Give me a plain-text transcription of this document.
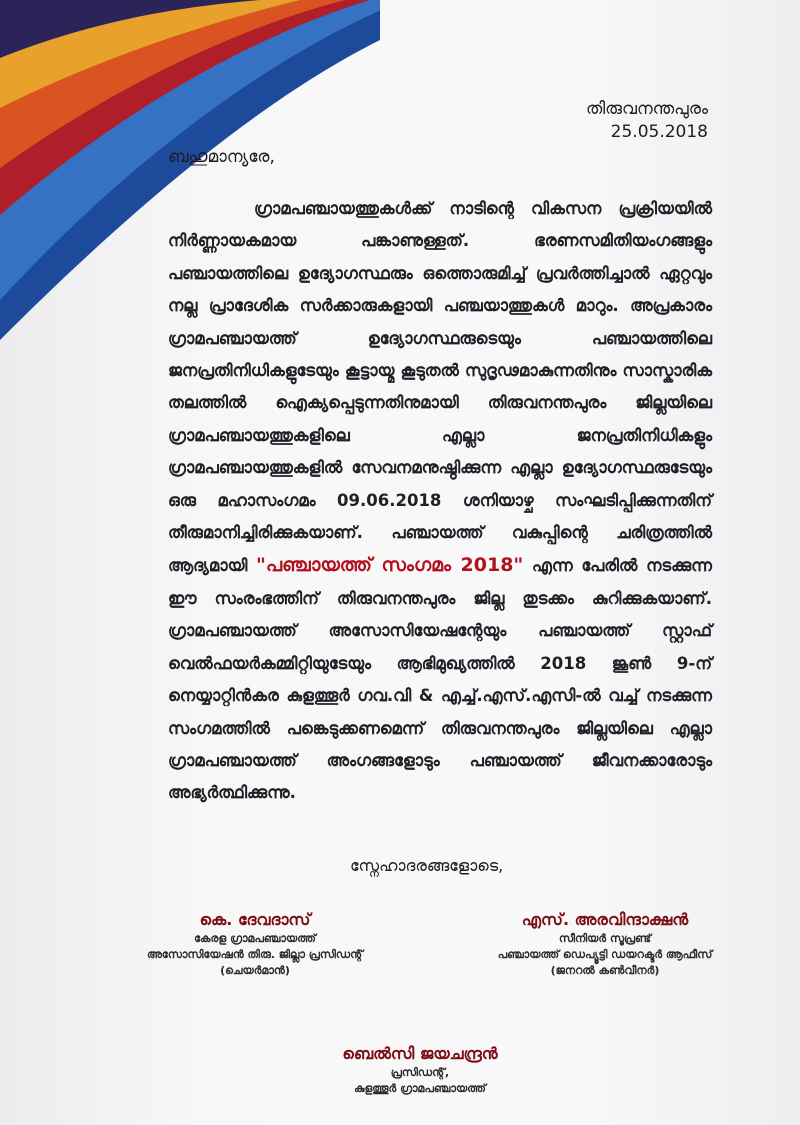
തിരുവനന്തപുരം
25.05.2018
ബഹുമാന്യരേ,

ഗ്രാമപഞ്ചായത്തുകൾക്ക് നാടിന്റെ വികസന പ്രക്രിയയിൽ നിർണ്ണായകമായ പങ്കാണുള്ളത്. ഭരണസമിതിയംഗങ്ങളും പഞ്ചായത്തിലെ ഉദ്യോഗസ്ഥരും ഒത്തൊരുമിച്ച് പ്രവർത്തിച്ചാൽ ഏറ്റവും നല്ല പ്രാദേശിക സർക്കാരുകളായി പഞ്ചയാത്തുകൾ മാറും. അപ്രകാരം ഗ്രാമപഞ്ചായത്ത് ഉദ്യോഗസ്ഥരുടെയും പഞ്ചായത്തിലെ ജനപ്രതിനിധികളുടേയും കൂട്ടായ്മ കൂടുതൽ സുദൃഢമാകുന്നതിനും സാസ്കാരിക തലത്തിൽ ഐക്യപ്പെടുന്നതിനുമായി തിരുവനന്തപുരം ജില്ലയിലെ ഗ്രാമപഞ്ചായത്തുകളിലെ എല്ലാ ജനപ്രതിനിധികളും ഗ്രാമപഞ്ചായത്തുകളിൽ സേവനമനുഷ്ഠിക്കുന്ന എല്ലാ ഉദ്യോഗസ്ഥരുടേയും ഒരു മഹാസംഗമം 09.06.2018 ശനിയാഴ്ച സംഘടിപ്പിക്കുന്നതിന് തീരുമാനിച്ചിരിക്കുകയാണ്. പഞ്ചായത്ത് വകുപ്പിന്റെ ചരിത്രത്തിൽ ആദ്യമായി "പഞ്ചായത്ത് സംഗമം 2018" എന്ന പേരിൽ നടക്കുന്ന ഈ സംരംഭത്തിന് തിരുവനന്തപുരം ജില്ല തുടക്കം കുറിക്കുകയാണ്. ഗ്രാമപഞ്ചായത്ത് അസോസിയേഷന്റേയും പഞ്ചായത്ത് സ്റ്റാഫ് വെൽഫയർകമ്മിറ്റിയുടേയും ആഭിമുഖ്യത്തിൽ 2018 ജൂൺ 9-ന് നെയ്യാറ്റിൻകര കുളത്തൂർ ഗവ.വി & എച്ച്.എസ്.എസി-ൽ വച്ച് നടക്കുന്ന സംഗമത്തിൽ പങ്കെടുക്കണമെന്ന് തിരുവനന്തപുരം ജില്ലയിലെ എല്ലാ ഗ്രാമപഞ്ചായത്ത് അംഗങ്ങളോടും പഞ്ചായത്ത് ജീവനക്കാരോടും അഭ്യർത്ഥിക്കുന്നു.

സ്നേഹാദരങ്ങളോടെ,
കെ. ദേവദാസ്
കേരള ഗ്രാമപഞ്ചായത്ത്
അസോസിയേഷൻ തിരു. ജില്ലാ പ്രസിഡന്റ്
(ചെയർമാൻ)
എസ്. അരവിന്ദാക്ഷൻ
സീനിയർ സൂപ്രണ്ട്
പഞ്ചായത്ത് ഡെപ്യൂട്ടി ഡയറക്ടർ ആഫീസ്
(ജനറൽ കൺവീനർ)
ബെൽസി ജയചന്ദ്രൻ
പ്രസിഡന്റ്,
കുളത്തൂർ ഗ്രാമപഞ്ചായത്ത്
